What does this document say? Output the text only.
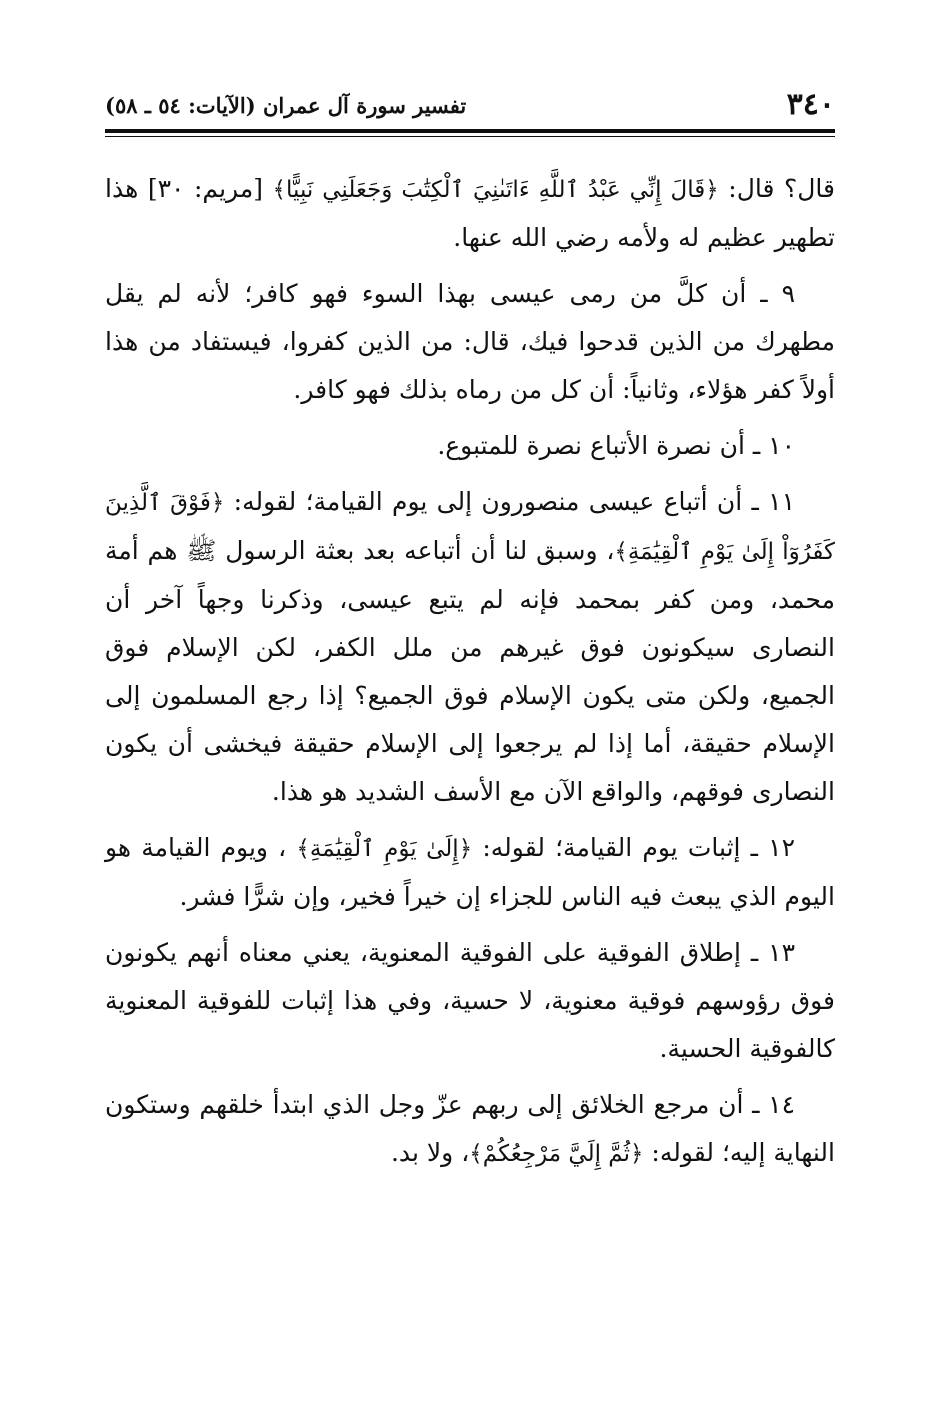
٣٤٠
تفسير سورة آل عمران (الآيات: ٥٤ ـ ٥٨)

قال؟ قال: ﴿قَالَ إِنِّي عَبْدُ ٱللَّهِ ءَاتَىٰنِيَ ٱلْكِتَٰبَ وَجَعَلَنِي نَبِيًّا﴾ [مريم: ٣٠] هذا تطهير عظيم له ولأمه رضي الله عنها.

٩ ـ أن كلَّ من رمى عيسى بهذا السوء فهو كافر؛ لأنه لم يقل مطهرك من الذين قدحوا فيك، قال: من الذين كفروا، فيستفاد من هذا أولاً كفر هؤلاء، وثانياً: أن كل من رماه بذلك فهو كافر.

١٠ ـ أن نصرة الأتباع نصرة للمتبوع.

١١ ـ أن أتباع عيسى منصورون إلى يوم القيامة؛ لقوله: ﴿فَوْقَ ٱلَّذِينَ كَفَرُوٓاْ إِلَىٰ يَوْمِ ٱلْقِيَٰمَةِ﴾، وسبق لنا أن أتباعه بعد بعثة الرسول ﷺ هم أمة محمد، ومن كفر بمحمد فإنه لم يتبع عيسى، وذكرنا وجهاً آخر أن النصارى سيكونون فوق غيرهم من ملل الكفر، لكن الإسلام فوق الجميع، ولكن متى يكون الإسلام فوق الجميع؟ إذا رجع المسلمون إلى الإسلام حقيقة، أما إذا لم يرجعوا إلى الإسلام حقيقة فيخشى أن يكون النصارى فوقهم، والواقع الآن مع الأسف الشديد هو هذا.

١٢ ـ إثبات يوم القيامة؛ لقوله: ﴿إِلَىٰ يَوْمِ ٱلْقِيَٰمَةِ﴾ ، ويوم القيامة هو اليوم الذي يبعث فيه الناس للجزاء إن خيراً فخير، وإن شرًّا فشر.

١٣ ـ إطلاق الفوقية على الفوقية المعنوية، يعني معناه أنهم يكونون فوق رؤوسهم فوقية معنوية، لا حسية، وفي هذا إثبات للفوقية المعنوية كالفوقية الحسية.

١٤ ـ أن مرجع الخلائق إلى ربهم عزّ وجل الذي ابتدأ خلقهم وستكون النهاية إليه؛ لقوله: ﴿ثُمَّ إِلَيَّ مَرْجِعُكُمْ﴾، ولا بد.
